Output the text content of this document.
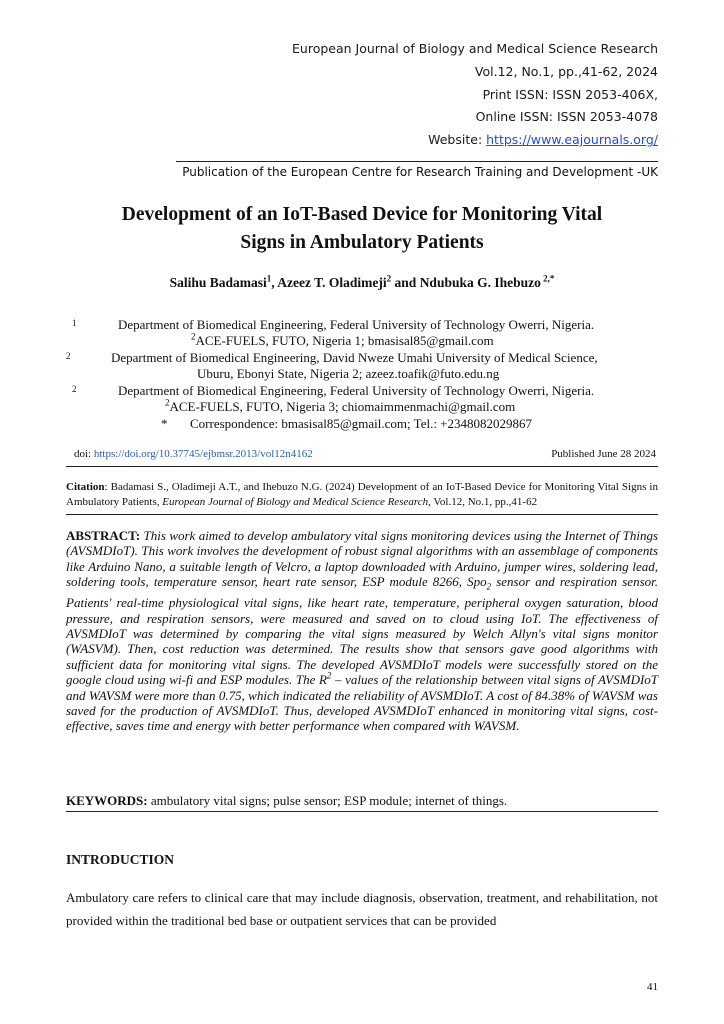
European Journal of Biology and Medical Science Research
Vol.12, No.1, pp.,41-62, 2024
Print ISSN: ISSN 2053-406X,
Online ISSN: ISSN 2053-4078
Website: https://www.eajournals.org/
Publication of the European Centre for Research Training and Development -UK
Development of an IoT-Based Device for Monitoring Vital
Signs in Ambulatory Patients
Salihu Badamasi$^1$, Azeez T. Oladimeji$^2$ and Ndubuka G. Ihebuzo $^{2,*}$
1	Department of Biomedical Engineering, Federal University of Technology Owerri, Nigeria.
$^2$ACE-FUELS, FUTO, Nigeria 1; bmasisal85@gmail.com
2	Department of Biomedical Engineering, David Nweze Umahi University of Medical Science,
Uburu, Ebonyi State, Nigeria 2; azeez.toafik@futo.edu.ng
2	Department of Biomedical Engineering, Federal University of Technology Owerri, Nigeria.
$^2$ACE-FUELS, FUTO, Nigeria 3; chiomaimmenmachi@gmail.com
* Correspondence: bmasisal85@gmail.com; Tel.: +2348082029867
doi: https://doi.org/10.37745/ejbmsr.2013/vol12n4162	Published June 28 2024
Citation: Badamasi S., Oladimeji A.T., and Ihebuzo N.G. (2024) Development of an IoT-Based Device for Monitoring Vital Signs in Ambulatory Patients, European Journal of Biology and Medical Science Research, Vol.12, No.1, pp.,41-62
ABSTRACT: This work aimed to develop ambulatory vital signs monitoring devices using the Internet of Things (AVSMDIoT). This work involves the development of robust signal algorithms with an assemblage of components like Arduino Nano, a suitable length of Velcro, a laptop downloaded with Arduino, jumper wires, soldering lead, soldering tools, temperature sensor, heart rate sensor, ESP module 8266, Spo$_2$ sensor and respiration sensor. Patients' real-time physiological vital signs, like heart rate, temperature, peripheral oxygen saturation, blood pressure, and respiration sensors, were measured and saved on to cloud using IoT. The effectiveness of AVSMDIoT was determined by comparing the vital signs measured by Welch Allyn's vital signs monitor (WASVM). Then, cost reduction was determined. The results show that sensors gave good algorithms with sufficient data for monitoring vital signs. The developed AVSMDIoT models were successfully stored on the google cloud using wi-fi and ESP modules. The $R^2$ – values of the relationship between vital signs of AVSMDIoT and WAVSM were more than 0.75, which indicated the reliability of AVSMDIoT. A cost of 84.38% of WAVSM was saved for the production of AVSMDIoT. Thus, developed AVSMDIoT enhanced in monitoring vital signs, cost-effective, saves time and energy with better performance when compared with WAVSM.
KEYWORDS: ambulatory vital signs; pulse sensor; ESP module; internet of things.
INTRODUCTION
Ambulatory care refers to clinical care that may include diagnosis, observation, treatment, and rehabilitation, not provided within the traditional bed base or outpatient services that can be provided
41
